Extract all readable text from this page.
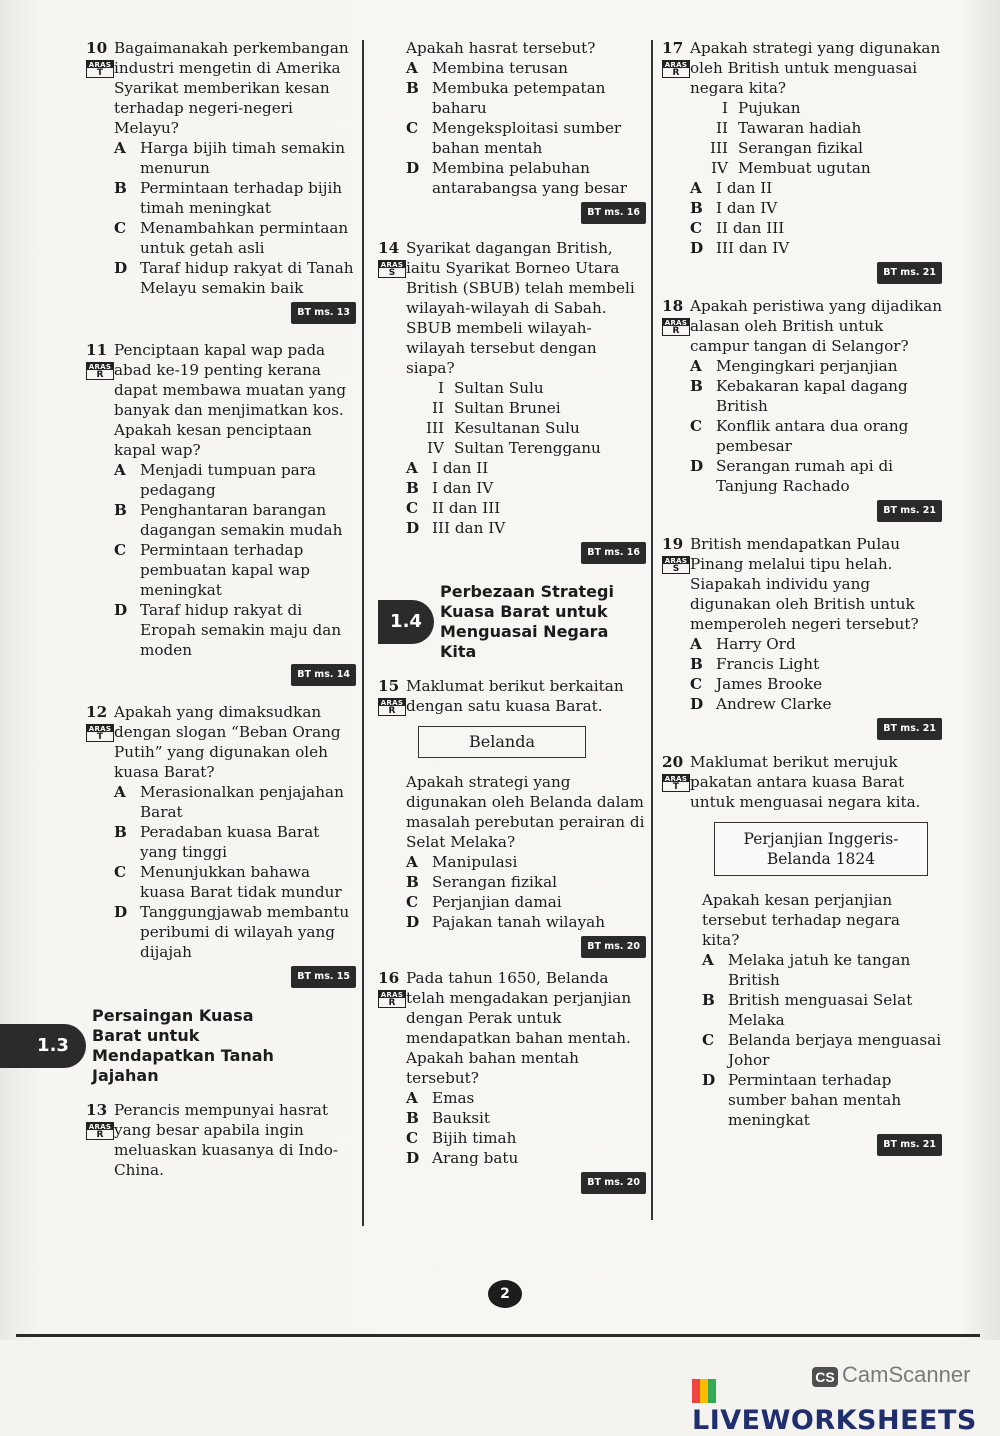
10 Bagaimanakah perkembangan industri mengetin di Amerika Syarikat memberikan kesan terhadap negeri-negeri Melayu?
ARAS
T
A Harga bijih timah semakin menurun
B Permintaan terhadap bijih timah meningkat
C Menambahkan permintaan untuk getah asli
D Taraf hidup rakyat di Tanah Melayu semakin baik
BT ms. 13
11 Penciptaan kapal wap pada abad ke-19 penting kerana dapat membawa muatan yang banyak dan menjimatkan kos.
ARAS
R
Apakah kesan penciptaan kapal wap?
A Menjadi tumpuan para pedagang
B Penghantaran barangan dagangan semakin mudah
C Permintaan terhadap pembuatan kapal wap meningkat
D Taraf hidup rakyat di Eropah semakin maju dan moden
BT ms. 14
12 Apakah yang dimaksudkan dengan slogan “Beban Orang Putih” yang digunakan oleh kuasa Barat?
ARAS
T
A Merasionalkan penjajahan Barat
B Peradaban kuasa Barat yang tinggi
C Menunjukkan bahawa kuasa Barat tidak mundur
D Tanggungjawab membantu peribumi di wilayah yang dijajah
BT ms. 15
1.3
Persaingan Kuasa Barat untuk Mendapatkan Tanah Jajahan
13 Perancis mempunyai hasrat yang besar apabila ingin meluaskan kuasanya di Indo-China.
ARAS
R
Apakah hasrat tersebut?
A Membina terusan
B Membuka petempatan baharu
C Mengeksploitasi sumber bahan mentah
D Membina pelabuhan antarabangsa yang besar
BT ms. 16
14 Syarikat dagangan British, iaitu Syarikat Borneo Utara British (SBUB) telah membeli wilayah-wilayah di Sabah. SBUB membeli wilayah-wilayah tersebut dengan siapa?
ARAS
S
I Sultan Sulu
II Sultan Brunei
III Kesultanan Sulu
IV Sultan Terengganu
A I dan II
B I dan IV
C II dan III
D III dan IV
BT ms. 16
1.4
Perbezaan Strategi Kuasa Barat untuk Menguasai Negara Kita
15 Maklumat berikut berkaitan dengan satu kuasa Barat.
ARAS
R
Belanda
Apakah strategi yang digunakan oleh Belanda dalam masalah perebutan perairan di Selat Melaka?
A Manipulasi
B Serangan fizikal
C Perjanjian damai
D Pajakan tanah wilayah
BT ms. 20
16 Pada tahun 1650, Belanda telah mengadakan perjanjian dengan Perak untuk mendapatkan bahan mentah.
ARAS
R
Apakah bahan mentah tersebut?
A Emas
B Bauksit
C Bijih timah
D Arang batu
BT ms. 20
17 Apakah strategi yang digunakan oleh British untuk menguasai negara kita?
ARAS
R
I Pujukan
II Tawaran hadiah
III Serangan fizikal
IV Membuat ugutan
A I dan II
B I dan IV
C II dan III
D III dan IV
BT ms. 21
18 Apakah peristiwa yang dijadikan alasan oleh British untuk campur tangan di Selangor?
ARAS
R
A Mengingkari perjanjian
B Kebakaran kapal dagang British
C Konflik antara dua orang pembesar
D Serangan rumah api di Tanjung Rachado
BT ms. 21
19 British mendapatkan Pulau Pinang melalui tipu helah. Siapakah individu yang digunakan oleh British untuk memperoleh negeri tersebut?
ARAS
S
A Harry Ord
B Francis Light
C James Brooke
D Andrew Clarke
BT ms. 21
20 Maklumat berikut merujuk pakatan antara kuasa Barat untuk menguasai negara kita.
ARAS
T
Perjanjian Inggeris-Belanda 1824
Apakah kesan perjanjian tersebut terhadap negara kita?
A Melaka jatuh ke tangan British
B British menguasai Selat Melaka
C Belanda berjaya menguasai Johor
D Permintaan terhadap sumber bahan mentah meningkat
BT ms. 21
2
CS CamScanner
LIVEWORKSHEETS
